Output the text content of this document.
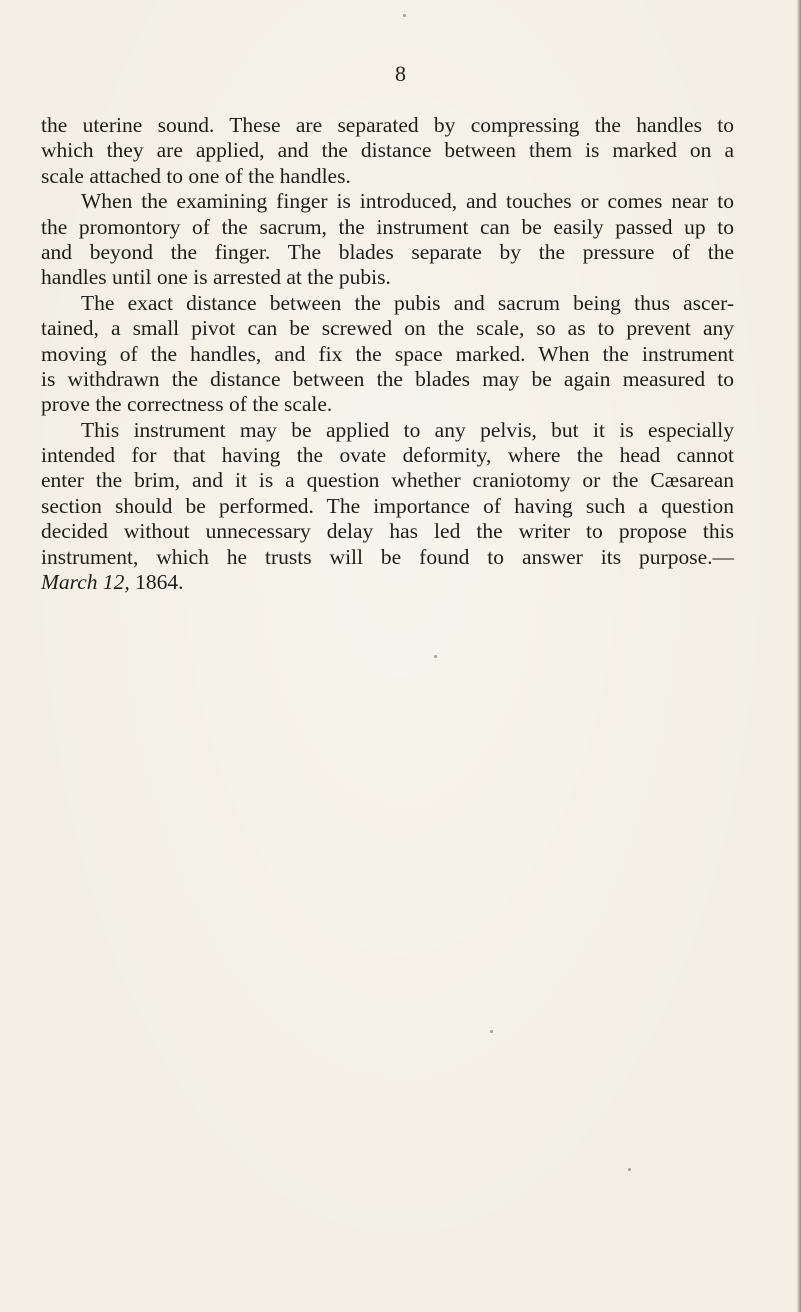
8
the uterine sound. These are separated by compressing the handles to
which they are applied, and the distance between them is marked on a
scale attached to one of the handles.
When the examining finger is introduced, and touches or comes near to
the promontory of the sacrum, the instrument can be easily passed up to
and beyond the finger. The blades separate by the pressure of the
handles until one is arrested at the pubis.
The exact distance between the pubis and sacrum being thus ascer-
tained, a small pivot can be screwed on the scale, so as to prevent any
moving of the handles, and fix the space marked. When the instrument
is withdrawn the distance between the blades may be again measured to
prove the correctness of the scale.
This instrument may be applied to any pelvis, but it is especially
intended for that having the ovate deformity, where the head cannot
enter the brim, and it is a question whether craniotomy or the Cæsarean
section should be performed. The importance of having such a question
decided without unnecessary delay has led the writer to propose this
instrument, which he trusts will be found to answer its purpose.—
March 12, 1864.
